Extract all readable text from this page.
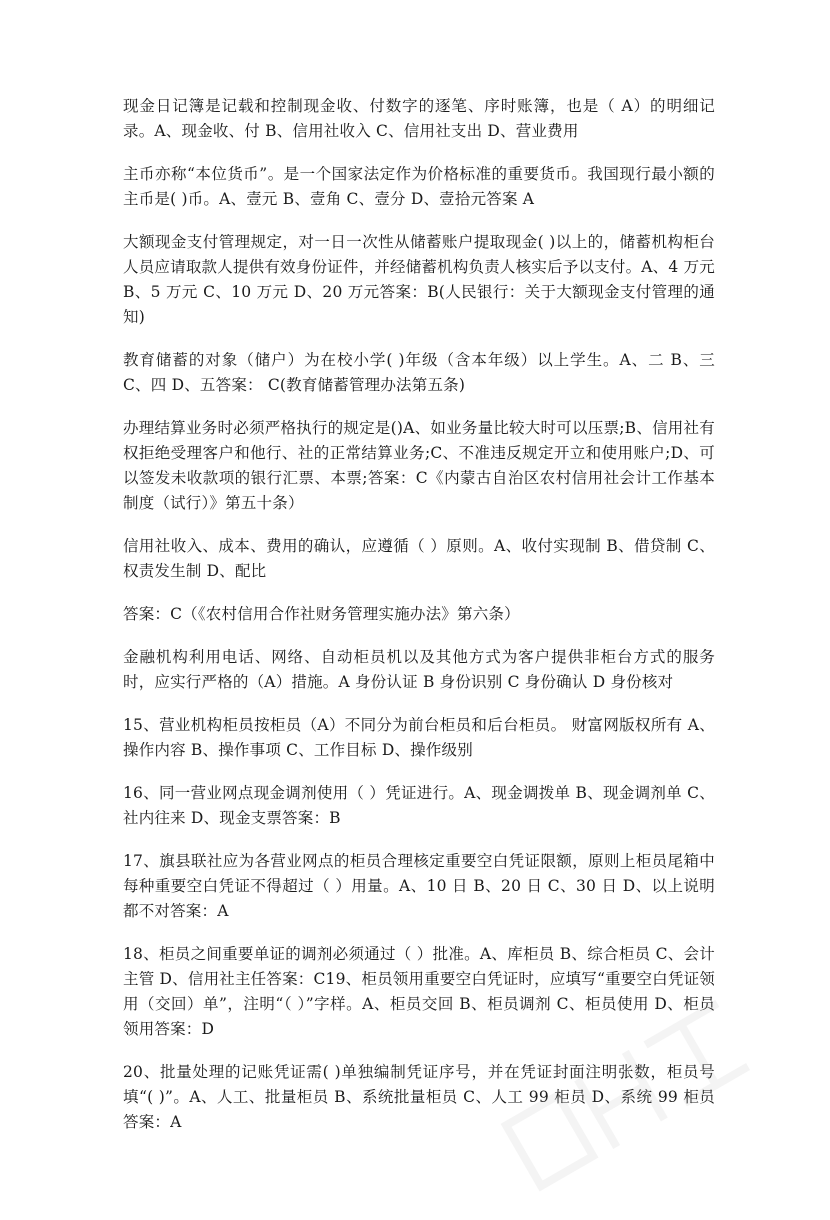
现金日记簿是记载和控制现金收、付数字的逐笔、序时账簿，也是（ A）的明细记录。A、现金收、付 B、信用社收入 C、信用社支出 D、营业费用

主币亦称“本位货币”。是一个国家法定作为价格标准的重要货币。我国现行最小额的主币是( )币。A、壹元 B、壹角 C、壹分 D、壹拾元答案 A

大额现金支付管理规定，对一日一次性从储蓄账户提取现金( )以上的，储蓄机构柜台人员应请取款人提供有效身份证件，并经储蓄机构负责人核实后予以支付。A、4 万元 B、5 万元 C、10 万元 D、20 万元答案：B(人民银行：关于大额现金支付管理的通知)

教育储蓄的对象（储户）为在校小学( )年级（含本年级）以上学生。A、二 B、三 C、四 D、五答案： C(教育储蓄管理办法第五条)

办理结算业务时必须严格执行的规定是()A、如业务量比较大时可以压票;B、信用社有权拒绝受理客户和他行、社的正常结算业务;C、不准违反规定开立和使用账户;D、可以签发未收款项的银行汇票、本票;答案：C《内蒙古自治区农村信用社会计工作基本制度（试行）》第五十条）

信用社收入、成本、费用的确认，应遵循（ ）原则。A、收付实现制 B、借贷制 C、权责发生制 D、配比

答案：C（《农村信用合作社财务管理实施办法》第六条）

金融机构利用电话、网络、自动柜员机以及其他方式为客户提供非柜台方式的服务时，应实行严格的（A）措施。A 身份认证 B 身份识别 C 身份确认 D 身份核对

15、营业机构柜员按柜员（A）不同分为前台柜员和后台柜员。 财富网版权所有 A、操作内容 B、操作事项 C、工作目标 D、操作级别

16、同一营业网点现金调剂使用（ ）凭证进行。A、现金调拨单 B、现金调剂单 C、社内往来 D、现金支票答案：B

17、旗县联社应为各营业网点的柜员合理核定重要空白凭证限额，原则上柜员尾箱中每种重要空白凭证不得超过（ ）用量。A、10 日 B、20 日 C、30 日 D、以上说明都不对答案：A

18、柜员之间重要单证的调剂必须通过（ ）批准。A、库柜员 B、综合柜员 C、会计主管 D、信用社主任答案：C19、柜员领用重要空白凭证时，应填写“重要空白凭证领用（交回）单”，注明“（ ）”字样。A、柜员交回 B、柜员调剂 C、柜员使用 D、柜员领用答案：D

20、批量处理的记账凭证需( )单独编制凭证序号，并在凭证封面注明张数，柜员号填“( )”。A、人工、批量柜员 B、系统批量柜员 C、人工 99 柜员 D、系统 99 柜员答案：A
